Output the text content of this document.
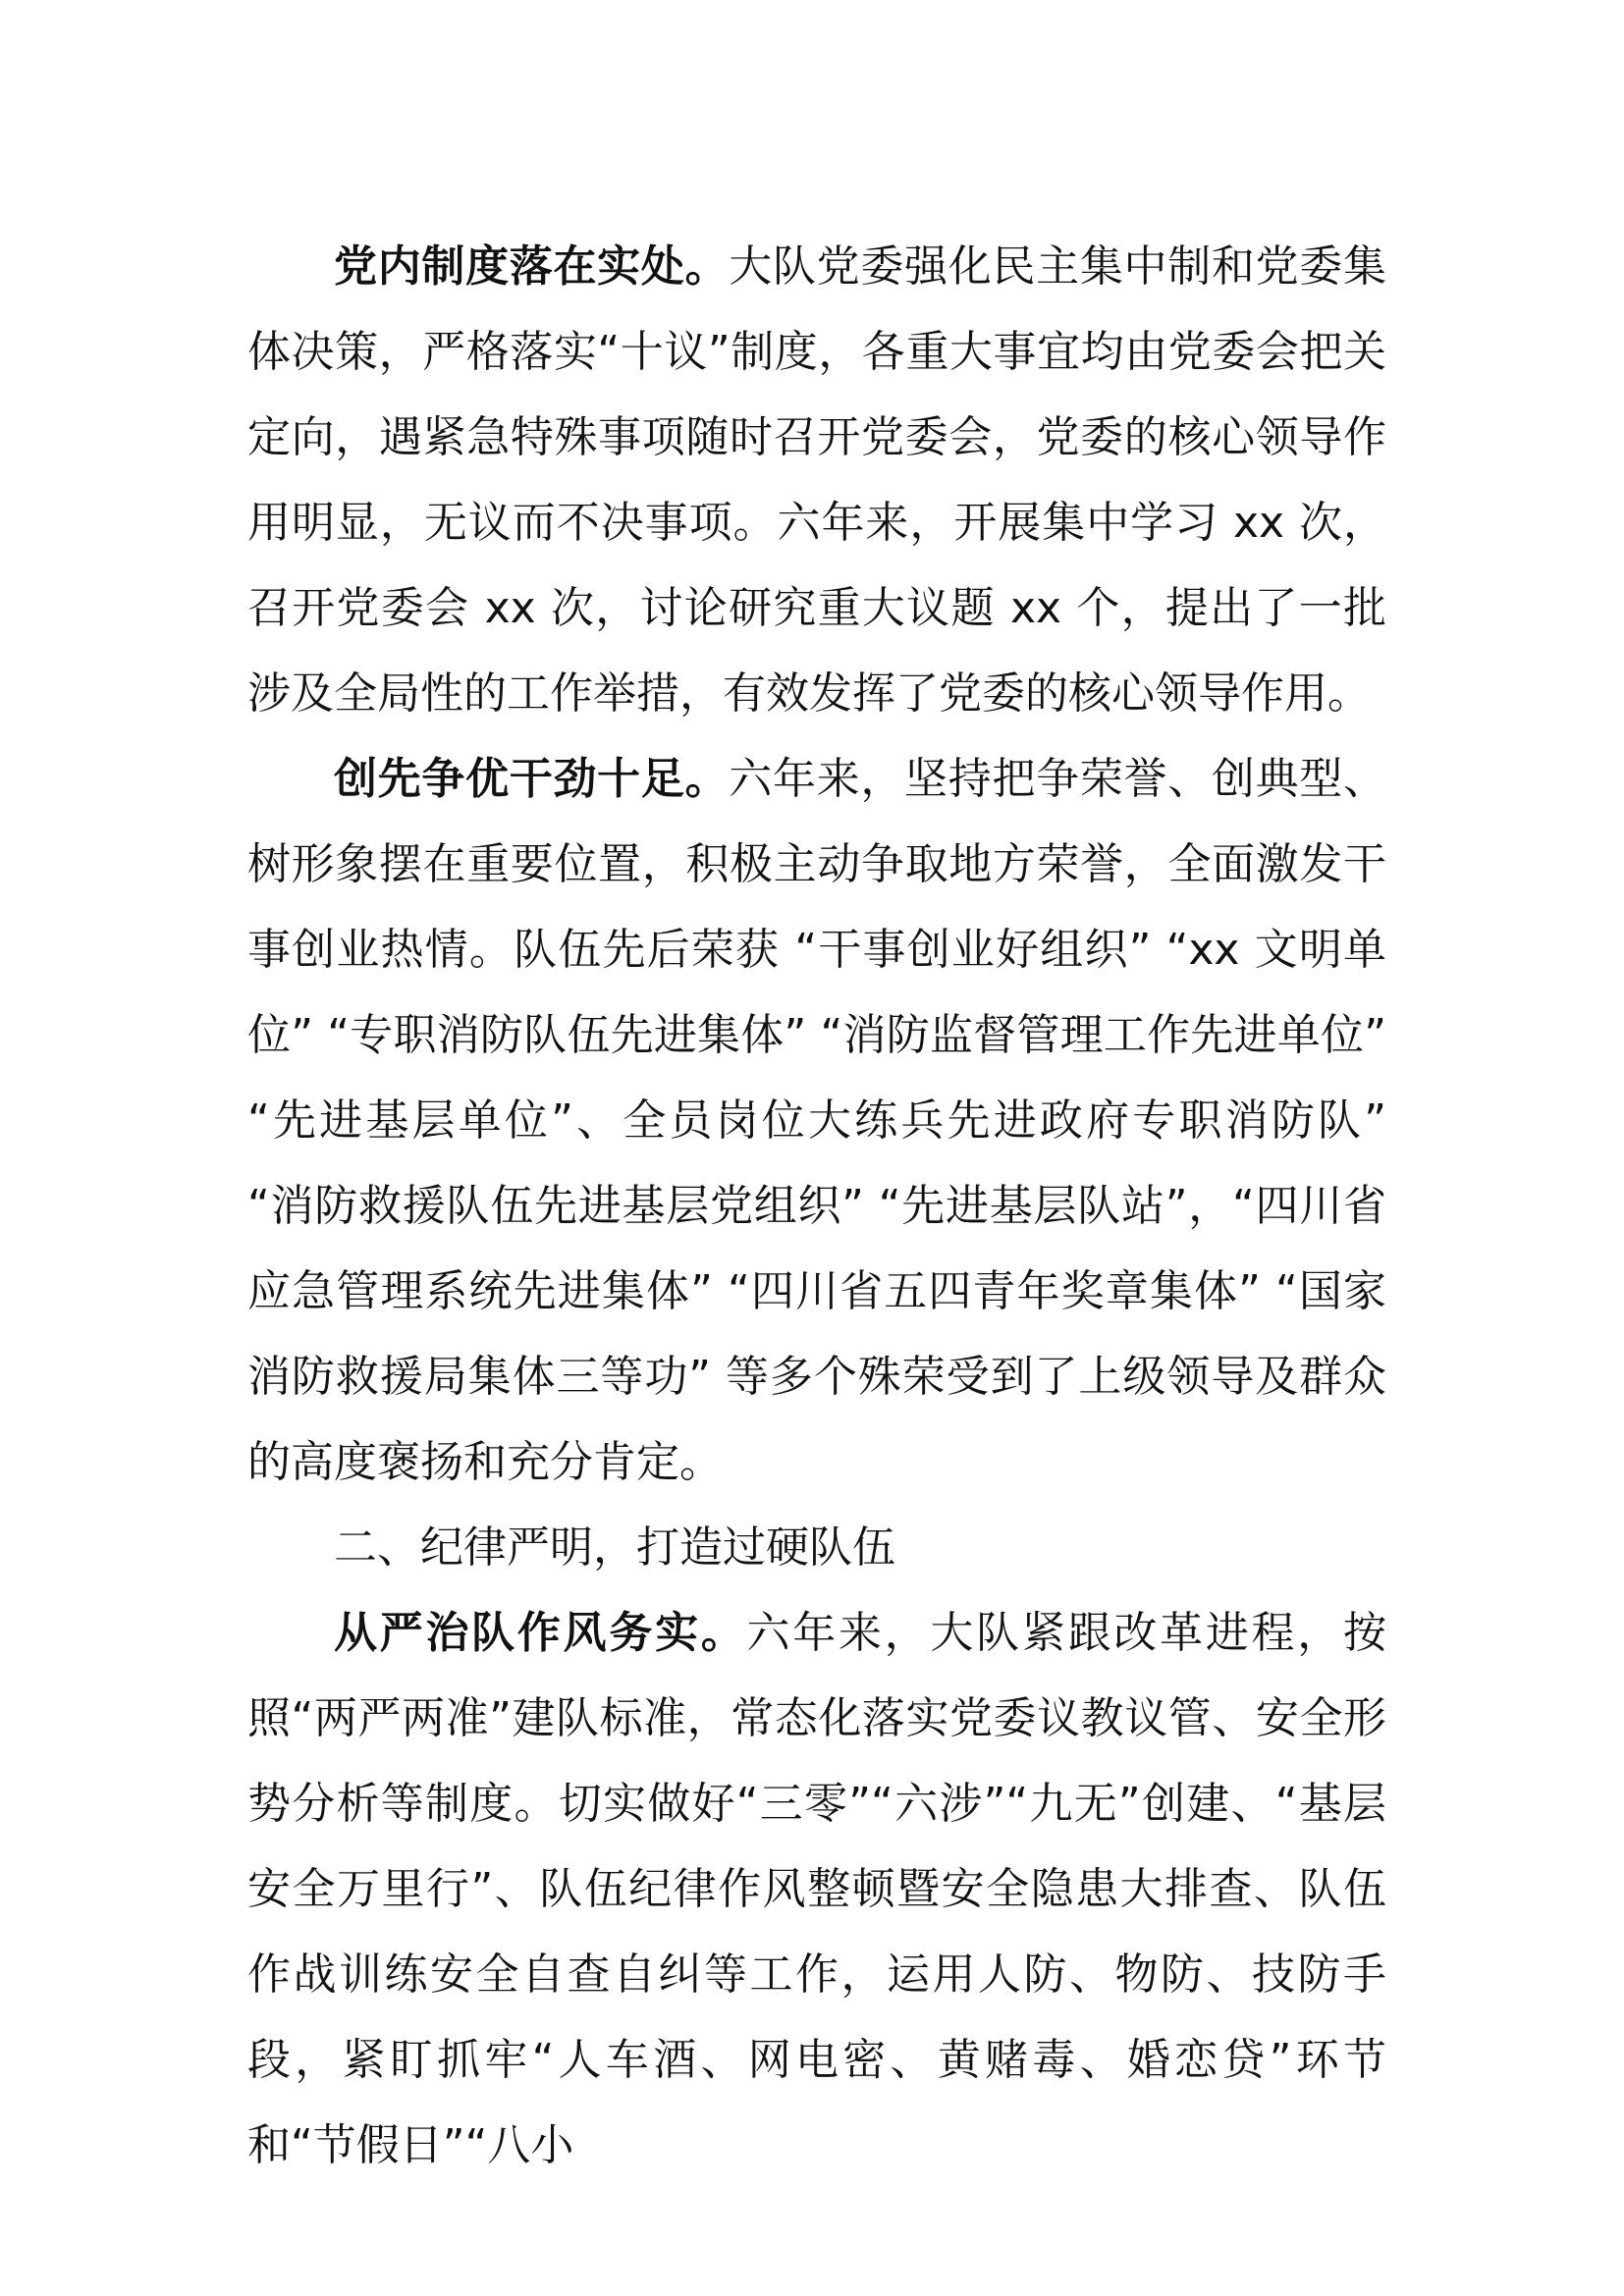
党内制度落在实处。大队党委强化民主集中制和党委集体决策，严格落实“十议”制度，各重大事宜均由党委会把关定向，遇紧急特殊事项随时召开党委会，党委的核心领导作用明显，无议而不决事项。六年来，开展集中学习 xx 次，召开党委会 xx 次，讨论研究重大议题 xx 个，提出了一批涉及全局性的工作举措，有效发挥了党委的核心领导作用。

创先争优干劲十足。六年来，坚持把争荣誉、创典型、树形象摆在重要位置，积极主动争取地方荣誉，全面激发干事创业热情。队伍先后荣获 “干事创业好组织” “xx 文明单位” “专职消防队伍先进集体” “消防监督管理工作先进单位” “先进基层单位”、全员岗位大练兵先进政府专职消防队” “消防救援队伍先进基层党组织” “先进基层队站”，“四川省应急管理系统先进集体” “四川省五四青年奖章集体” “国家消防救援局集体三等功” 等多个殊荣受到了上级领导及群众的高度褒扬和充分肯定。

二、纪律严明，打造过硬队伍

从严治队作风务实。六年来，大队紧跟改革进程，按照“两严两准”建队标准，常态化落实党委议教议管、安全形势分析等制度。切实做好“三零”“六涉”“九无”创建、“基层安全万里行”、队伍纪律作风整顿暨安全隐患大排查、队伍作战训练安全自查自纠等工作，运用人防、物防、技防手段，紧盯抓牢“人车酒、网电密、黄赌毒、婚恋贷”环节和“节假日”“八小
